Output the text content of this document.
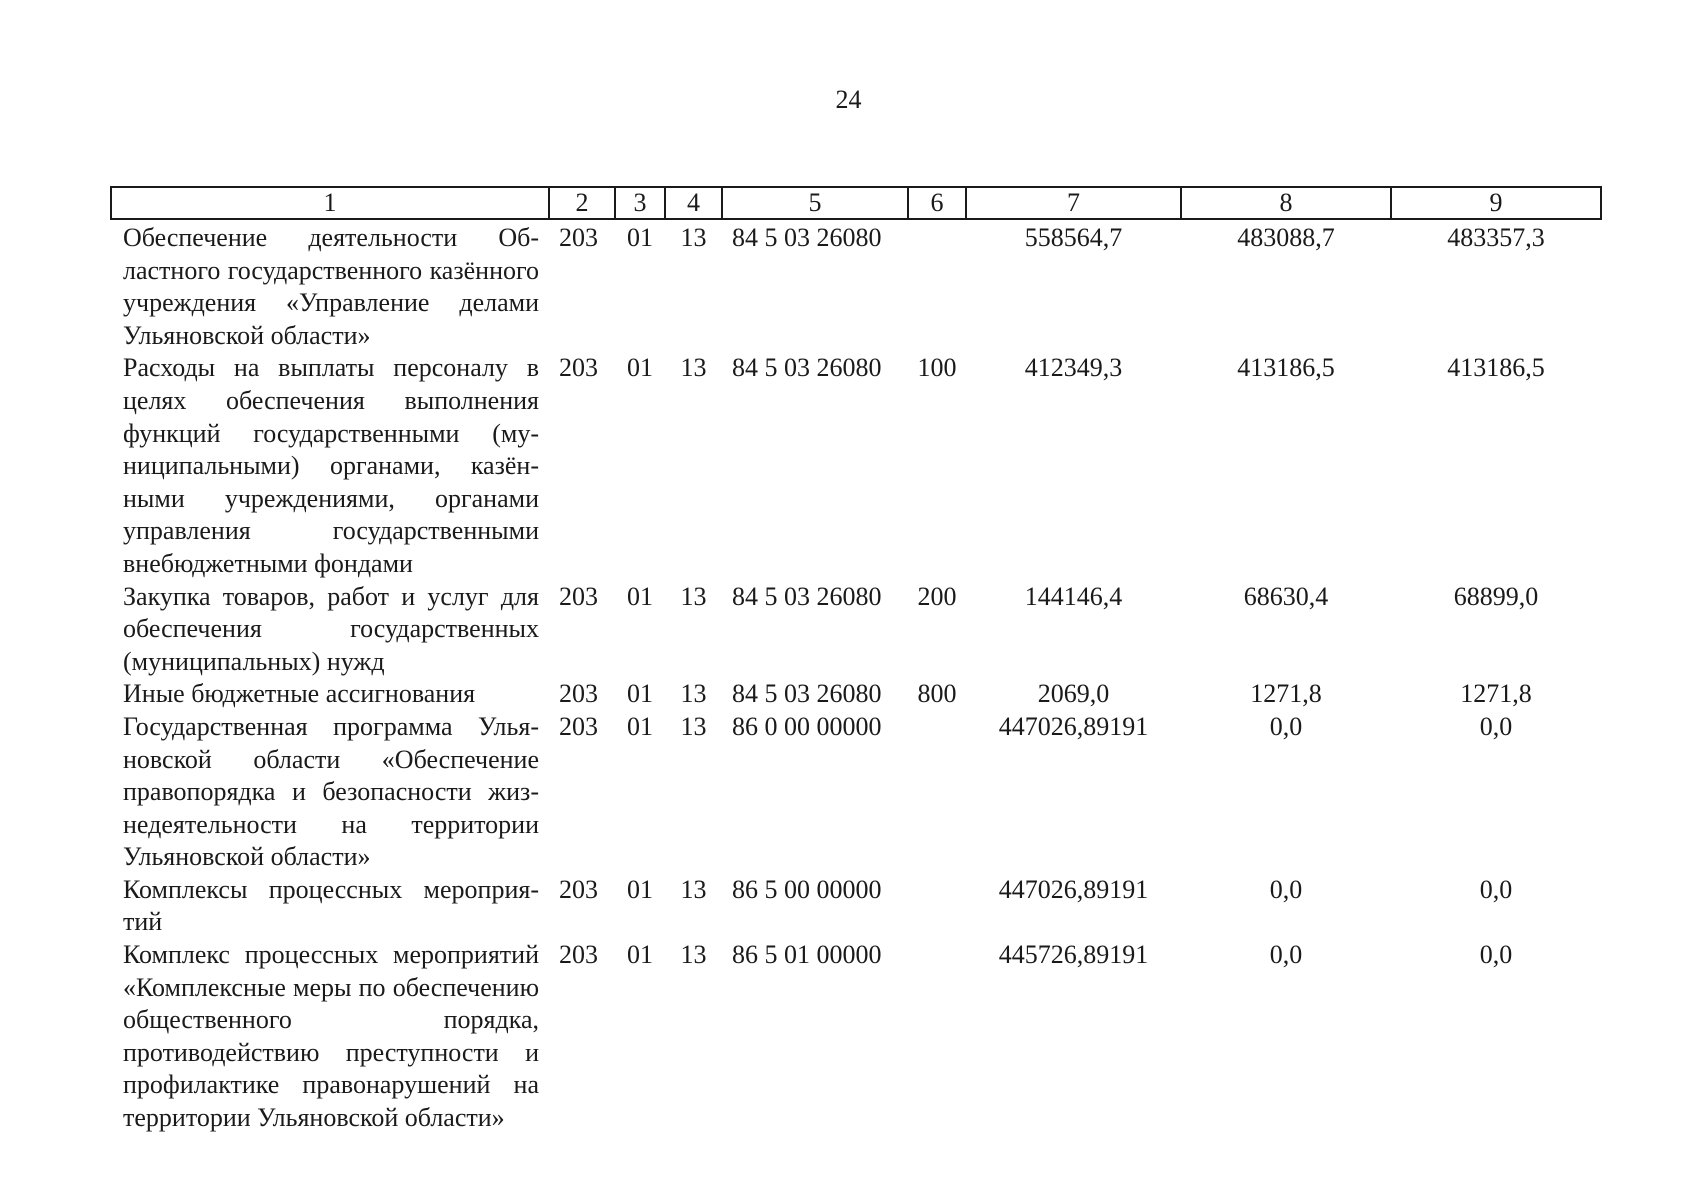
24
1	2	3	4	5	6	7	8	9
Обеспечение деятельности Областного государственного казённого учреждения «Управление делами Ульяновской области»	203	01	13	84 5 03 26080		558564,7	483088,7	483357,3
Расходы на выплаты персоналу в целях обеспечения выполнения функций государственными (муниципальными) органами, казёнными учреждениями, органами управления государственными внебюджетными фондами	203	01	13	84 5 03 26080	100	412349,3	413186,5	413186,5
Закупка товаров, работ и услуг для обеспечения государственных (муниципальных) нужд	203	01	13	84 5 03 26080	200	144146,4	68630,4	68899,0
Иные бюджетные ассигнования	203	01	13	84 5 03 26080	800	2069,0	1271,8	1271,8
Государственная программа Ульяновской области «Обеспечение правопорядка и безопасности жизнедеятельности на территории Ульяновской области»	203	01	13	86 0 00 00000		447026,89191	0,0	0,0
Комплексы процессных мероприятий	203	01	13	86 5 00 00000		447026,89191	0,0	0,0
Комплекс процессных мероприятий «Комплексные меры по обеспечению общественного порядка, противодействию преступности и профилактике правонарушений на территории Ульяновской области»	203	01	13	86 5 01 00000		445726,89191	0,0	0,0
